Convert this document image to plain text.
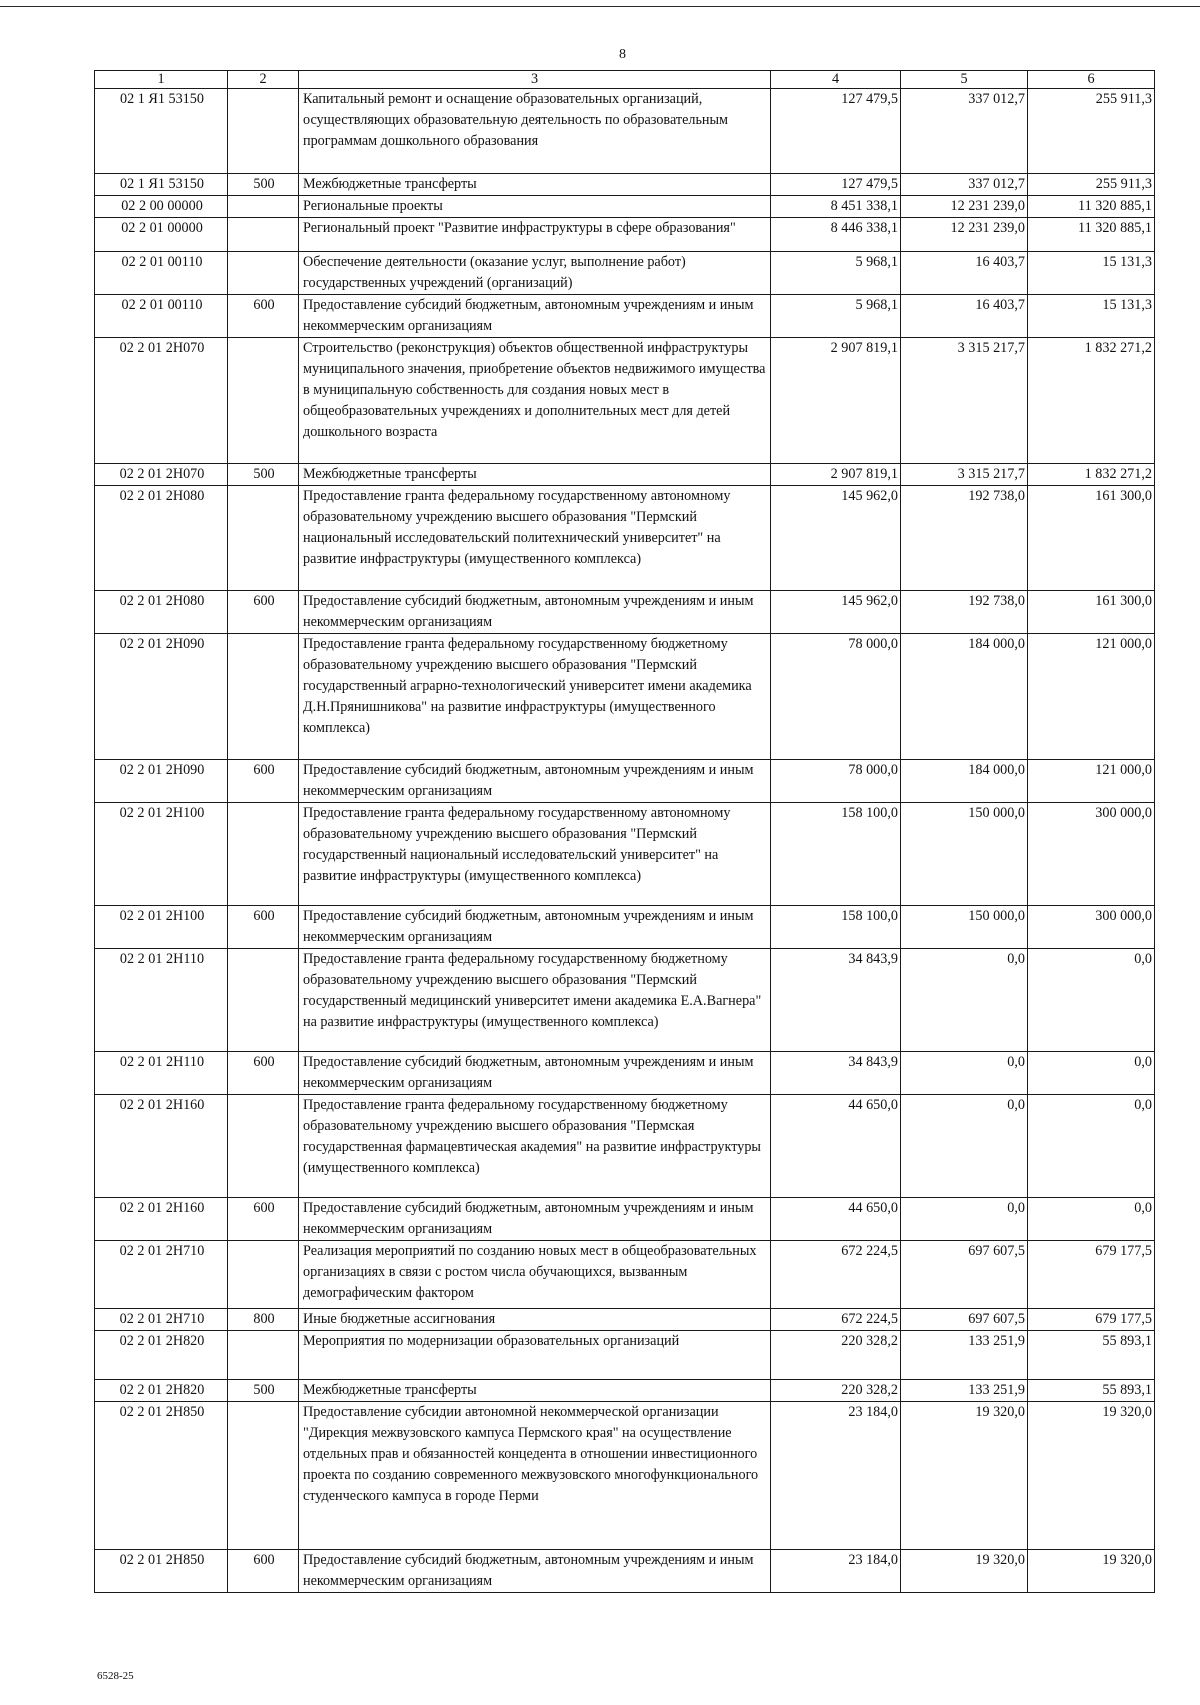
8
1	2	3	4	5	6
02 1 Я1 53150		Капитальный ремонт и оснащение образовательных организаций, осуществляющих образовательную деятельность по образовательным программам дошкольного образования	127 479,5	337 012,7	255 911,3
02 1 Я1 53150	500	Межбюджетные трансферты	127 479,5	337 012,7	255 911,3
02 2 00 00000		Региональные проекты	8 451 338,1	12 231 239,0	11 320 885,1
02 2 01 00000		Региональный проект "Развитие инфраструктуры в сфере образования"	8 446 338,1	12 231 239,0	11 320 885,1
02 2 01 00110		Обеспечение деятельности (оказание услуг, выполнение работ) государственных учреждений (организаций)	5 968,1	16 403,7	15 131,3
02 2 01 00110	600	Предоставление субсидий бюджетным, автономным учреждениям и иным некоммерческим организациям	5 968,1	16 403,7	15 131,3
02 2 01 2Н070		Строительство (реконструкция) объектов общественной инфраструктуры муниципального значения, приобретение объектов недвижимого имущества в муниципальную собственность для создания новых мест в общеобразовательных учреждениях и дополнительных мест для детей дошкольного возраста	2 907 819,1	3 315 217,7	1 832 271,2
02 2 01 2Н070	500	Межбюджетные трансферты	2 907 819,1	3 315 217,7	1 832 271,2
02 2 01 2Н080		Предоставление гранта федеральному государственному автономному образовательному учреждению высшего образования "Пермский национальный исследовательский политехнический университет" на развитие инфраструктуры (имущественного комплекса)	145 962,0	192 738,0	161 300,0
02 2 01 2Н080	600	Предоставление субсидий бюджетным, автономным учреждениям и иным некоммерческим организациям	145 962,0	192 738,0	161 300,0
02 2 01 2Н090		Предоставление гранта федеральному государственному бюджетному образовательному учреждению высшего образования "Пермский государственный аграрно-технологический университет имени академика Д.Н.Прянишникова" на развитие инфраструктуры (имущественного комплекса)	78 000,0	184 000,0	121 000,0
02 2 01 2Н090	600	Предоставление субсидий бюджетным, автономным учреждениям и иным некоммерческим организациям	78 000,0	184 000,0	121 000,0
02 2 01 2Н100		Предоставление гранта федеральному государственному автономному образовательному учреждению высшего образования "Пермский государственный национальный исследовательский университет" на развитие инфраструктуры (имущественного комплекса)	158 100,0	150 000,0	300 000,0
02 2 01 2Н100	600	Предоставление субсидий бюджетным, автономным учреждениям и иным некоммерческим организациям	158 100,0	150 000,0	300 000,0
02 2 01 2Н110		Предоставление гранта федеральному государственному бюджетному образовательному учреждению высшего образования "Пермский государственный медицинский университет имени академика Е.А.Вагнера" на развитие инфраструктуры (имущественного комплекса)	34 843,9	0,0	0,0
02 2 01 2Н110	600	Предоставление субсидий бюджетным, автономным учреждениям и иным некоммерческим организациям	34 843,9	0,0	0,0
02 2 01 2Н160		Предоставление гранта федеральному государственному бюджетному образовательному учреждению высшего образования "Пермская государственная фармацевтическая академия" на развитие инфраструктуры (имущественного комплекса)	44 650,0	0,0	0,0
02 2 01 2Н160	600	Предоставление субсидий бюджетным, автономным учреждениям и иным некоммерческим организациям	44 650,0	0,0	0,0
02 2 01 2Н710		Реализация мероприятий по созданию новых мест в общеобразовательных организациях в связи с ростом числа обучающихся, вызванным демографическим фактором	672 224,5	697 607,5	679 177,5
02 2 01 2Н710	800	Иные бюджетные ассигнования	672 224,5	697 607,5	679 177,5
02 2 01 2Н820		Мероприятия по модернизации образовательных организаций	220 328,2	133 251,9	55 893,1
02 2 01 2Н820	500	Межбюджетные трансферты	220 328,2	133 251,9	55 893,1
02 2 01 2Н850		Предоставление субсидии автономной некоммерческой организации "Дирекция межвузовского кампуса Пермского края" на осуществление отдельных прав и обязанностей концедента в отношении инвестиционного проекта по созданию современного межвузовского многофункционального студенческого кампуса в городе Перми	23 184,0	19 320,0	19 320,0
02 2 01 2Н850	600	Предоставление субсидий бюджетным, автономным учреждениям и иным некоммерческим организациям	23 184,0	19 320,0	19 320,0
6528-25
